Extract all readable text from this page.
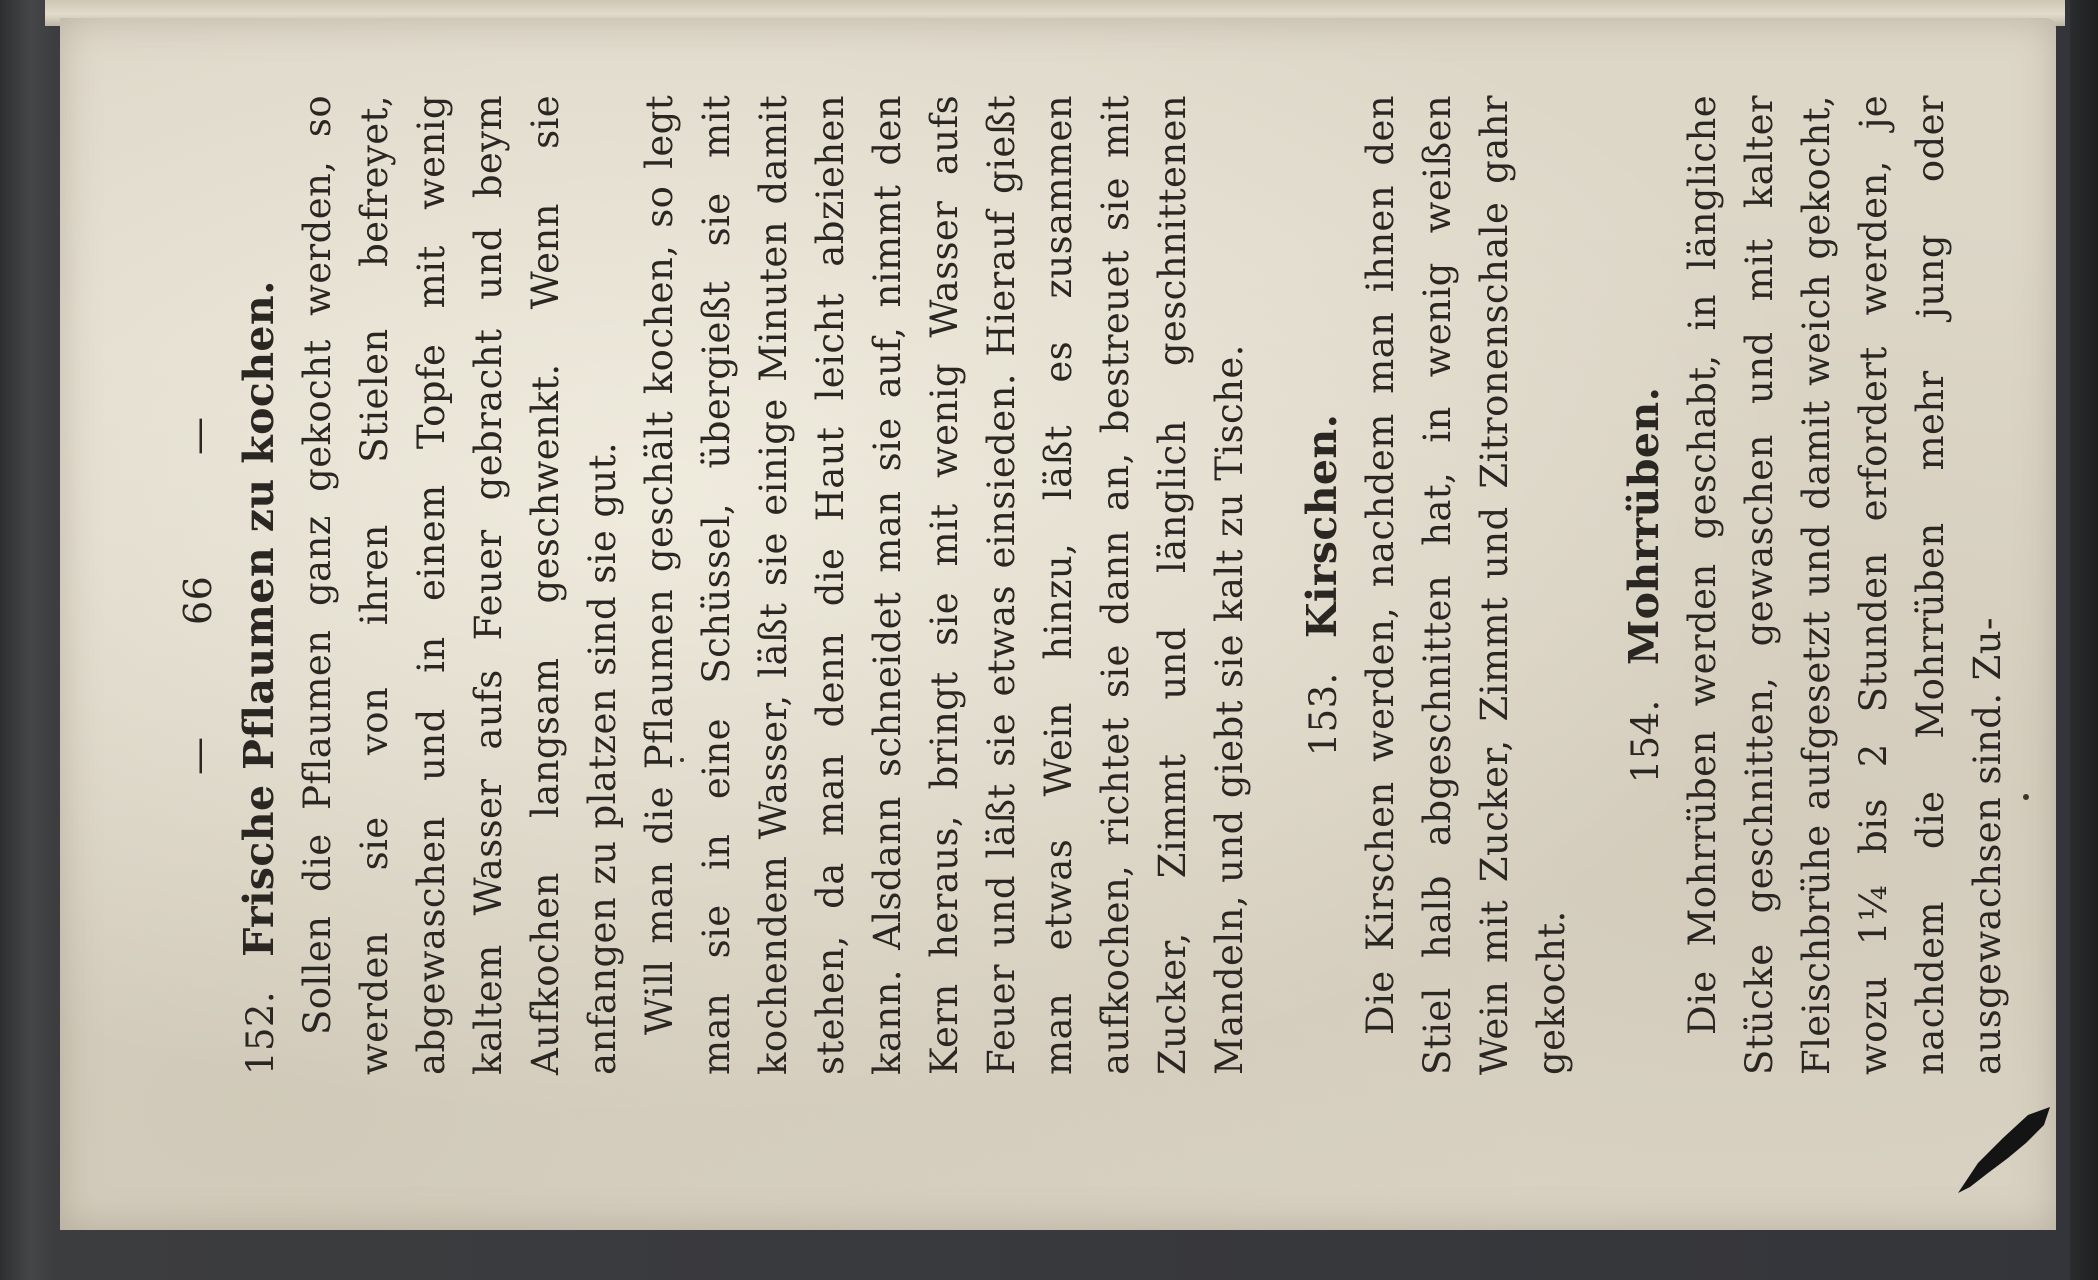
—
66
—
152. Frische Pflaumen zu kochen. Sollen die Pflaumen ganz gekocht werden, so werden sie von ihren Stielen befreyet, abgewaschen und in einem Topfe mit wenig kaltem Wasser aufs Feuer gebracht und beym Aufkochen langsam geschwenkt. Wenn sie anfangen zu platzen sind sie gut. Will man die Pflaumen geschält kochen, so legt man sie in eine Schüssel, übergießt sie mit kochendem Wasser, läßt sie einige Minuten damit stehen, da man denn die Haut leicht abziehen kann. Alsdann schneidet man sie auf, nimmt den Kern heraus, bringt sie mit wenig Wasser aufs Feuer und läßt sie etwas einsieden. Hierauf gießt man etwas Wein hinzu, läßt es zusammen aufkochen, richtet sie dann an, bestreuet sie mit Zucker, Zimmt und länglich geschnittenen Mandeln, und giebt sie kalt zu Tische. 153. Kirschen. Die Kirschen werden, nachdem man ihnen den Stiel halb abgeschnitten hat, in wenig weißen Wein mit Zucker, Zimmt und Zitronenschale gahr gekocht.

154. Mohrrüben. Die Mohrrüben werden geschabt, in längliche Stücke geschnitten, gewaschen und mit kalter Fleischbrühe aufgesetzt und damit weich gekocht, wozu 1¼ bis 2 Stunden erfordert werden, je nachdem die Mohrrüben mehr jung oder ausgewachsen sind. Zu-
